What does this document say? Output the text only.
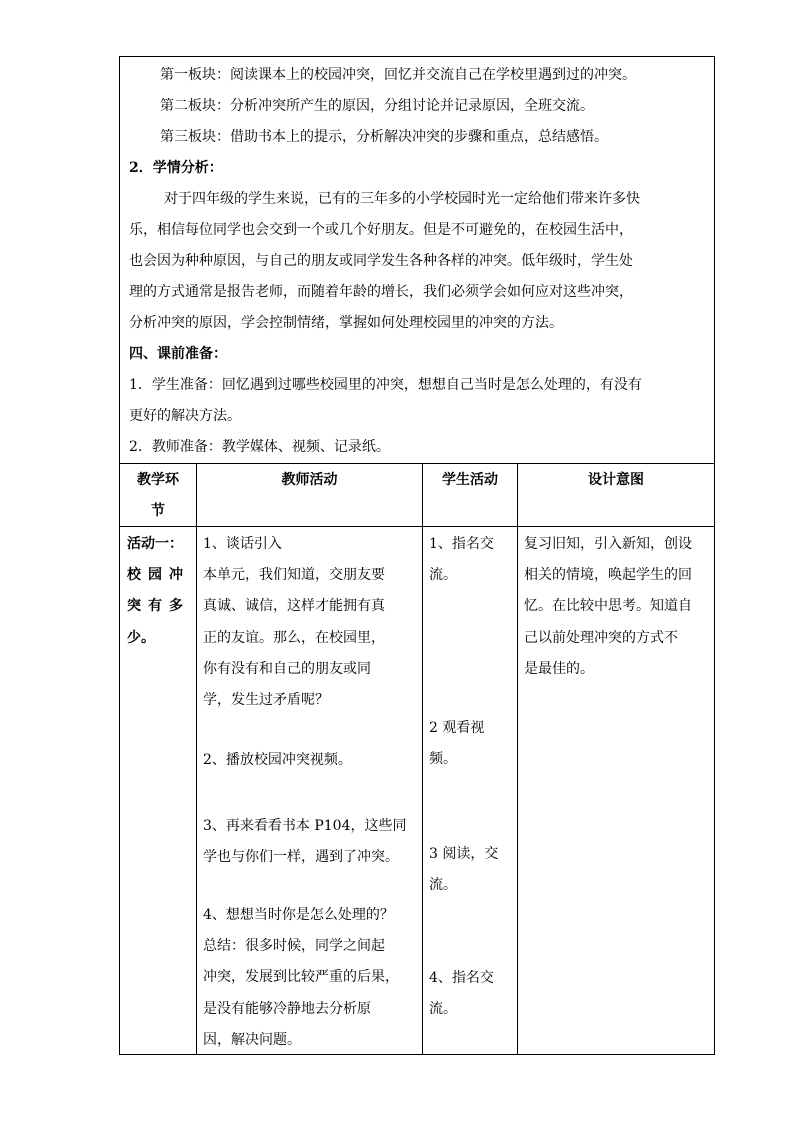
第一板块：阅读课本上的校园冲突，回忆并交流自己在学校里遇到过的冲突。
第二板块：分析冲突所产生的原因，分组讨论并记录原因，全班交流。
第三板块：借助书本上的提示，分析解决冲突的步骤和重点，总结感悟。
2．学情分析：
对于四年级的学生来说，已有的三年多的小学校园时光一定给他们带来许多快
乐，相信每位同学也会交到一个或几个好朋友。但是不可避免的，在校园生活中，
也会因为种种原因，与自己的朋友或同学发生各种各样的冲突。低年级时，学生处
理的方式通常是报告老师，而随着年龄的增长，我们必须学会如何应对这些冲突，
分析冲突的原因，学会控制情绪，掌握如何处理校园里的冲突的方法。
四、课前准备：
1．学生准备：回忆遇到过哪些校园里的冲突，想想自己当时是怎么处理的，有没有
更好的解决方法。
2．教师准备：教学媒体、视频、记录纸。
教学环
节
教师活动	学生活动	设计意图
活动一：
校园冲
突有多
少。
1、谈话引入
本单元，我们知道，交朋友要
真诚、诚信，这样才能拥有真
正的友谊。那么，在校园里，
你有没有和自己的朋友或同
学，发生过矛盾呢？
2、播放校园冲突视频。
3、再来看看书本 P104，这些同
学也与你们一样，遇到了冲突。
4、想想当时你是怎么处理的？
总结：很多时候，同学之间起
冲突，发展到比较严重的后果，
是没有能够冷静地去分析原
因，解决问题。
1、指名交
流。
2 观看视
频。
3 阅读，交
流。
4、指名交
流。
复习旧知，引入新知，创设
相关的情境，唤起学生的回
忆。在比较中思考。知道自
己以前处理冲突的方式不
是最佳的。
